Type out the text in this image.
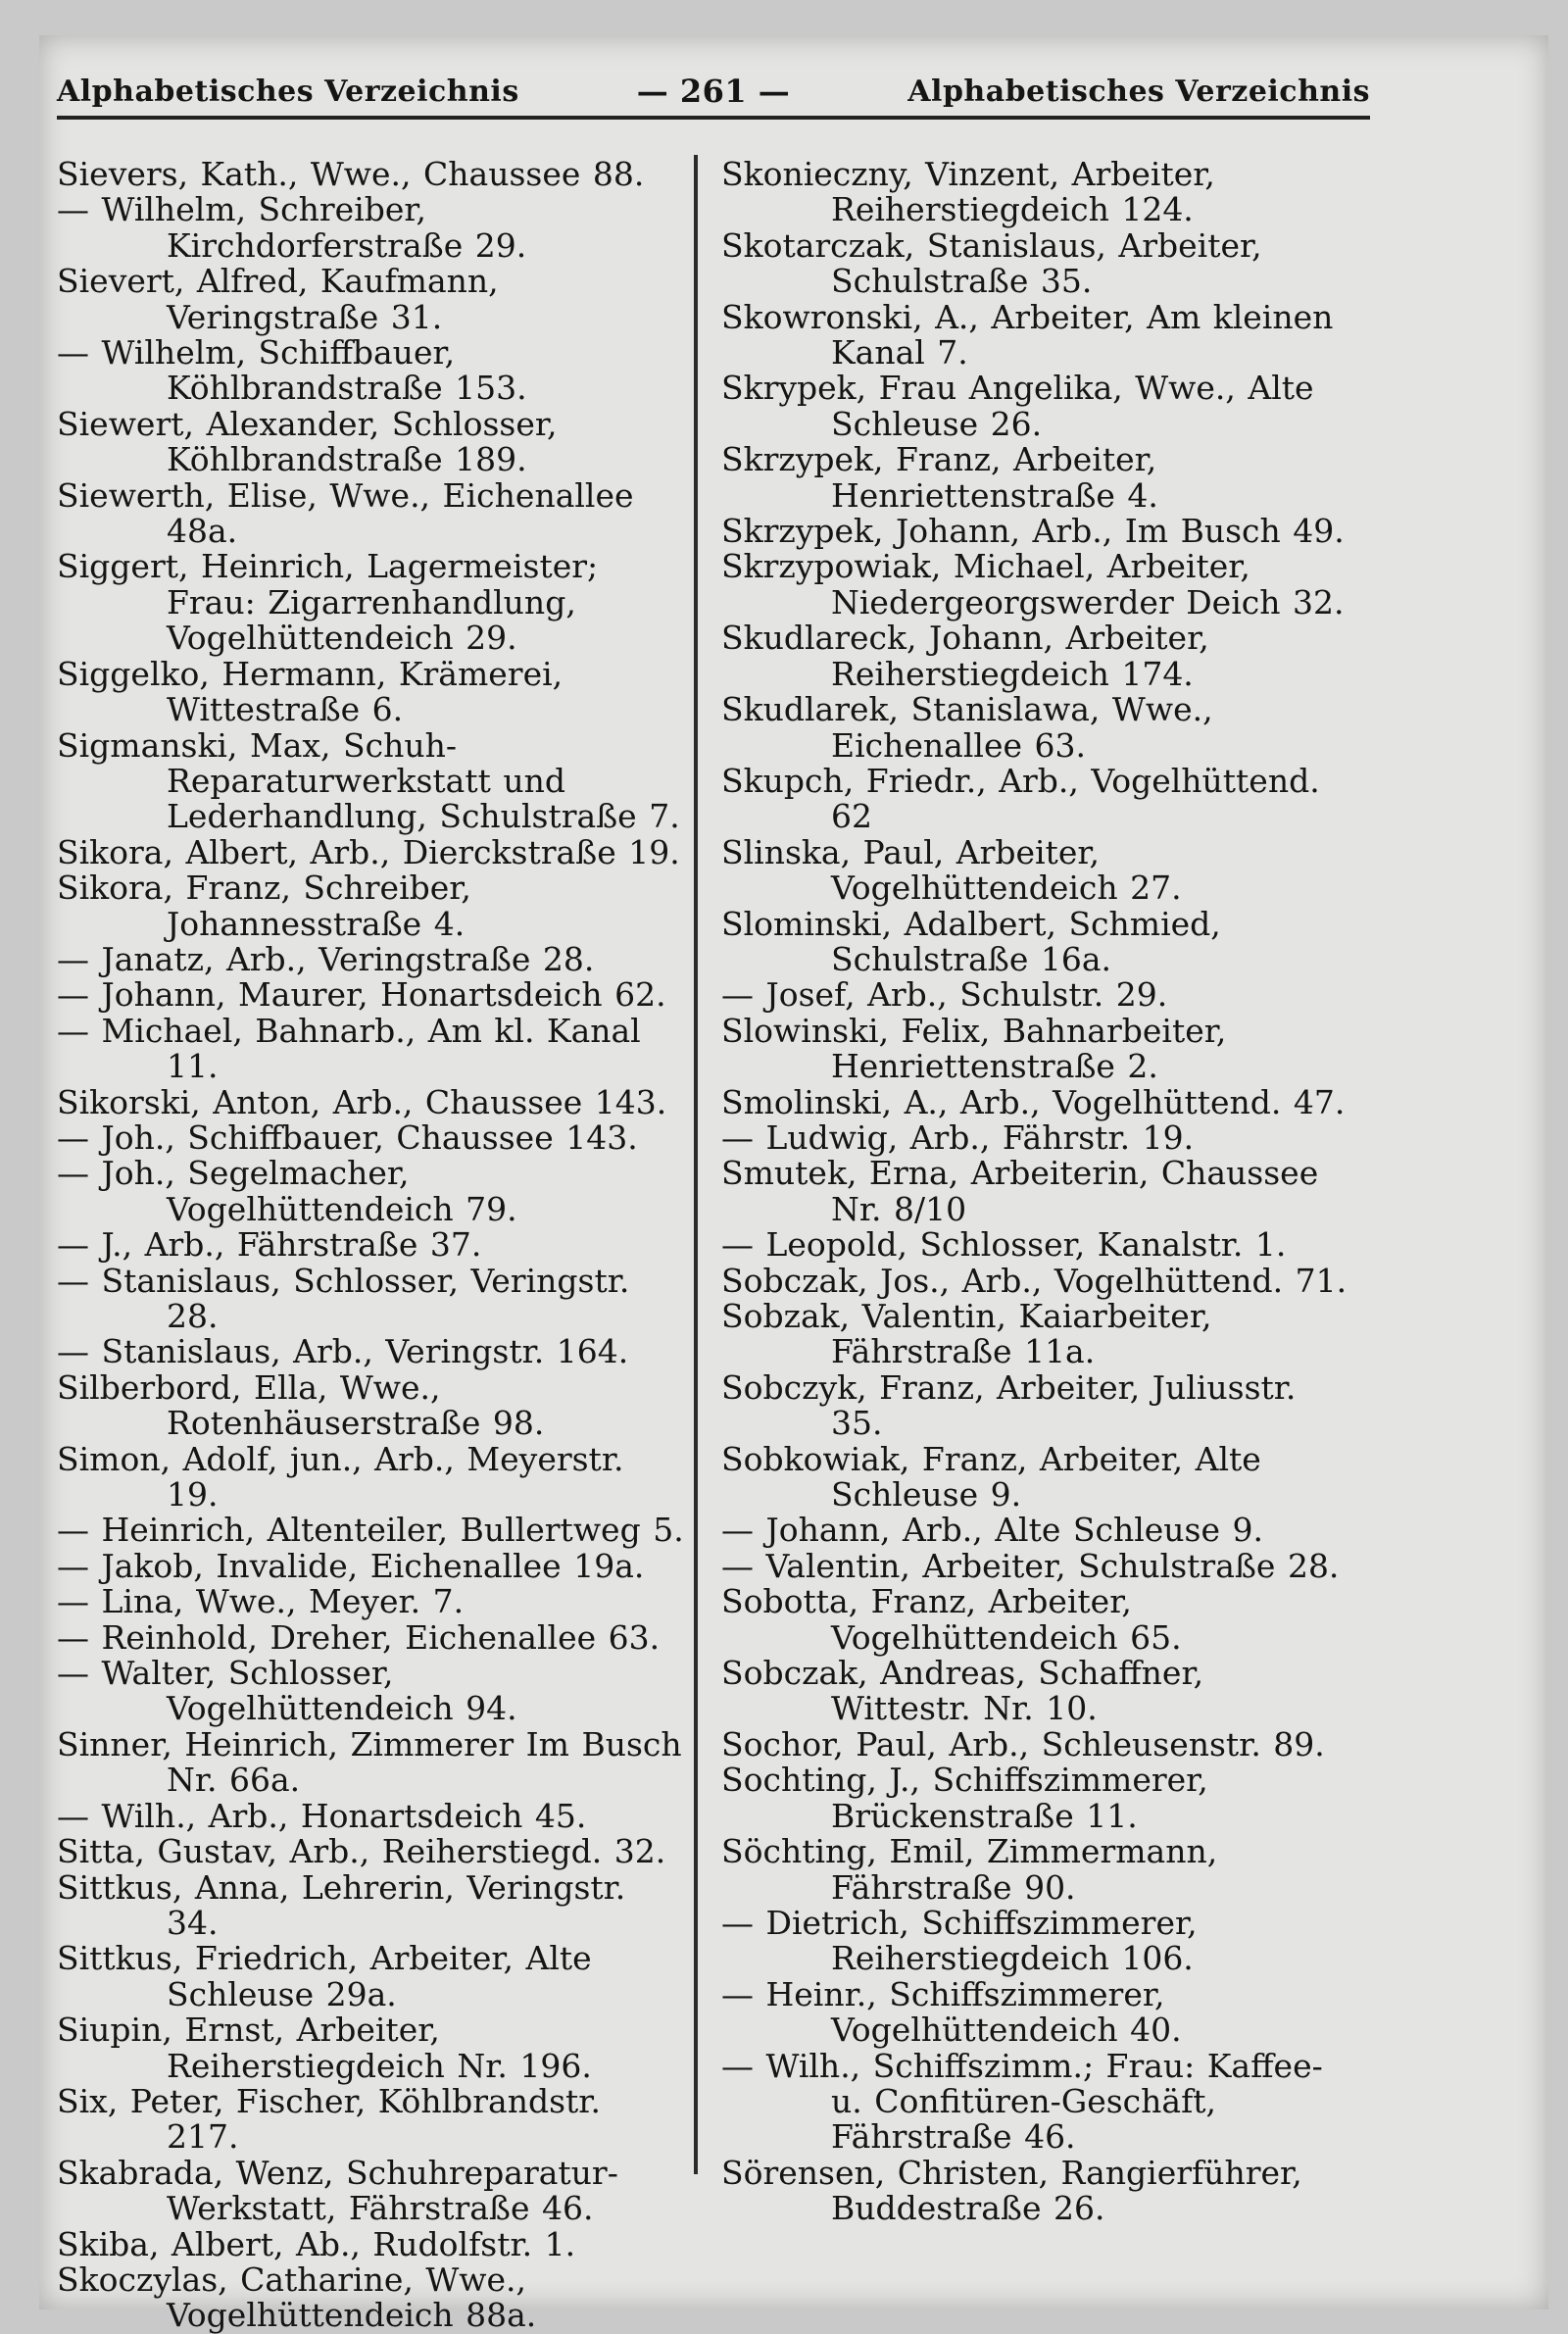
Alphabetisches Verzeichnis	— 261 —	Alphabetisches Verzeichnis

Sievers, Kath., Wwe., Chaussee 88.

— Wilhelm, Schreiber, Kirchdorferstraße 29.

Sievert, Alfred, Kaufmann, Veringstraße 31.

— Wilhelm, Schiffbauer, Köhlbrandstraße 153.

Siewert, Alexander, Schlosser, Köhlbrandstraße 189.

Siewerth, Elise, Wwe., Eichenallee 48a.

Siggert, Heinrich, Lagermeister; Frau: Zigarrenhandlung, Vogelhüttendeich 29.

Siggelko, Hermann, Krämerei, Wittestraße 6.

Sigmanski, Max, Schuh-Reparaturwerkstatt und Lederhandlung, Schulstraße 7.

Sikora, Albert, Arb., Dierckstraße 19.

Sikora, Franz, Schreiber, Johannesstraße 4.

— Janatz, Arb., Veringstraße 28.

— Johann, Maurer, Honartsdeich 62.

— Michael, Bahnarb., Am kl. Kanal 11.

Sikorski, Anton, Arb., Chaussee 143.

— Joh., Schiffbauer, Chaussee 143.

— Joh., Segelmacher, Vogelhüttendeich 79.

— J., Arb., Fährstraße 37.

— Stanislaus, Schlosser, Veringstr. 28.

— Stanislaus, Arb., Veringstr. 164.

Silberbord, Ella, Wwe., Rotenhäuserstraße 98.

Simon, Adolf, jun., Arb., Meyerstr. 19.

— Heinrich, Altenteiler, Bullertweg 5.

— Jakob, Invalide, Eichenallee 19a.

— Lina, Wwe., Meyer. 7.

— Reinhold, Dreher, Eichenallee 63.

— Walter, Schlosser, Vogelhüttendeich 94.

Sinner, Heinrich, Zimmerer Im Busch Nr. 66a.

— Wilh., Arb., Honartsdeich 45.

Sitta, Gustav, Arb., Reiherstiegd. 32.

Sittkus, Anna, Lehrerin, Veringstr. 34.

Sittkus, Friedrich, Arbeiter, Alte Schleuse 29a.

Siupin, Ernst, Arbeiter, Reiherstiegdeich Nr. 196.

Six, Peter, Fischer, Köhlbrandstr. 217.

Skabrada, Wenz, Schuhreparatur-Werkstatt, Fährstraße 46.

Skiba, Albert, Ab., Rudolfstr. 1.

Skoczylas, Catharine, Wwe., Vogelhüttendeich 88a.

Skonieczny, Vinzent, Arbeiter, Reiherstiegdeich 124.

Skotarczak, Stanislaus, Arbeiter, Schulstraße 35.

Skowronski, A., Arbeiter, Am kleinen Kanal 7.

Skrypek, Frau Angelika, Wwe., Alte Schleuse 26.

Skrzypek, Franz, Arbeiter, Henriettenstraße 4.

Skrzypek, Johann, Arb., Im Busch 49.

Skrzypowiak, Michael, Arbeiter, Niedergeorgswerder Deich 32.

Skudlareck, Johann, Arbeiter, Reiherstiegdeich 174.

Skudlarek, Stanislawa, Wwe., Eichenallee 63.

Skupch, Friedr., Arb., Vogelhüttend. 62

Slinska, Paul, Arbeiter, Vogelhüttendeich 27.

Slominski, Adalbert, Schmied, Schulstraße 16a.

— Josef, Arb., Schulstr. 29.

Slowinski, Felix, Bahnarbeiter, Henriettenstraße 2.

Smolinski, A., Arb., Vogelhüttend. 47.

— Ludwig, Arb., Fährstr. 19.

Smutek, Erna, Arbeiterin, Chaussee Nr. 8/10

— Leopold, Schlosser, Kanalstr. 1.

Sobczak, Jos., Arb., Vogelhüttend. 71.

Sobzak, Valentin, Kaiarbeiter, Fährstraße 11a.

Sobczyk, Franz, Arbeiter, Juliusstr. 35.

Sobkowiak, Franz, Arbeiter, Alte Schleuse 9.

— Johann, Arb., Alte Schleuse 9.

— Valentin, Arbeiter, Schulstraße 28.

Sobotta, Franz, Arbeiter, Vogelhüttendeich 65.

Sobczak, Andreas, Schaffner, Wittestr. Nr. 10.

Sochor, Paul, Arb., Schleusenstr. 89.

Sochting, J., Schiffszimmerer, Brückenstraße 11.

Söchting, Emil, Zimmermann, Fährstraße 90.

— Dietrich, Schiffszimmerer, Reiherstiegdeich 106.

— Heinr., Schiffszimmerer, Vogelhüttendeich 40.

— Wilh., Schiffszimm.; Frau: Kaffee- u. Confitüren-Geschäft, Fährstraße 46.

Sörensen, Christen, Rangierführer, Buddestraße 26.
